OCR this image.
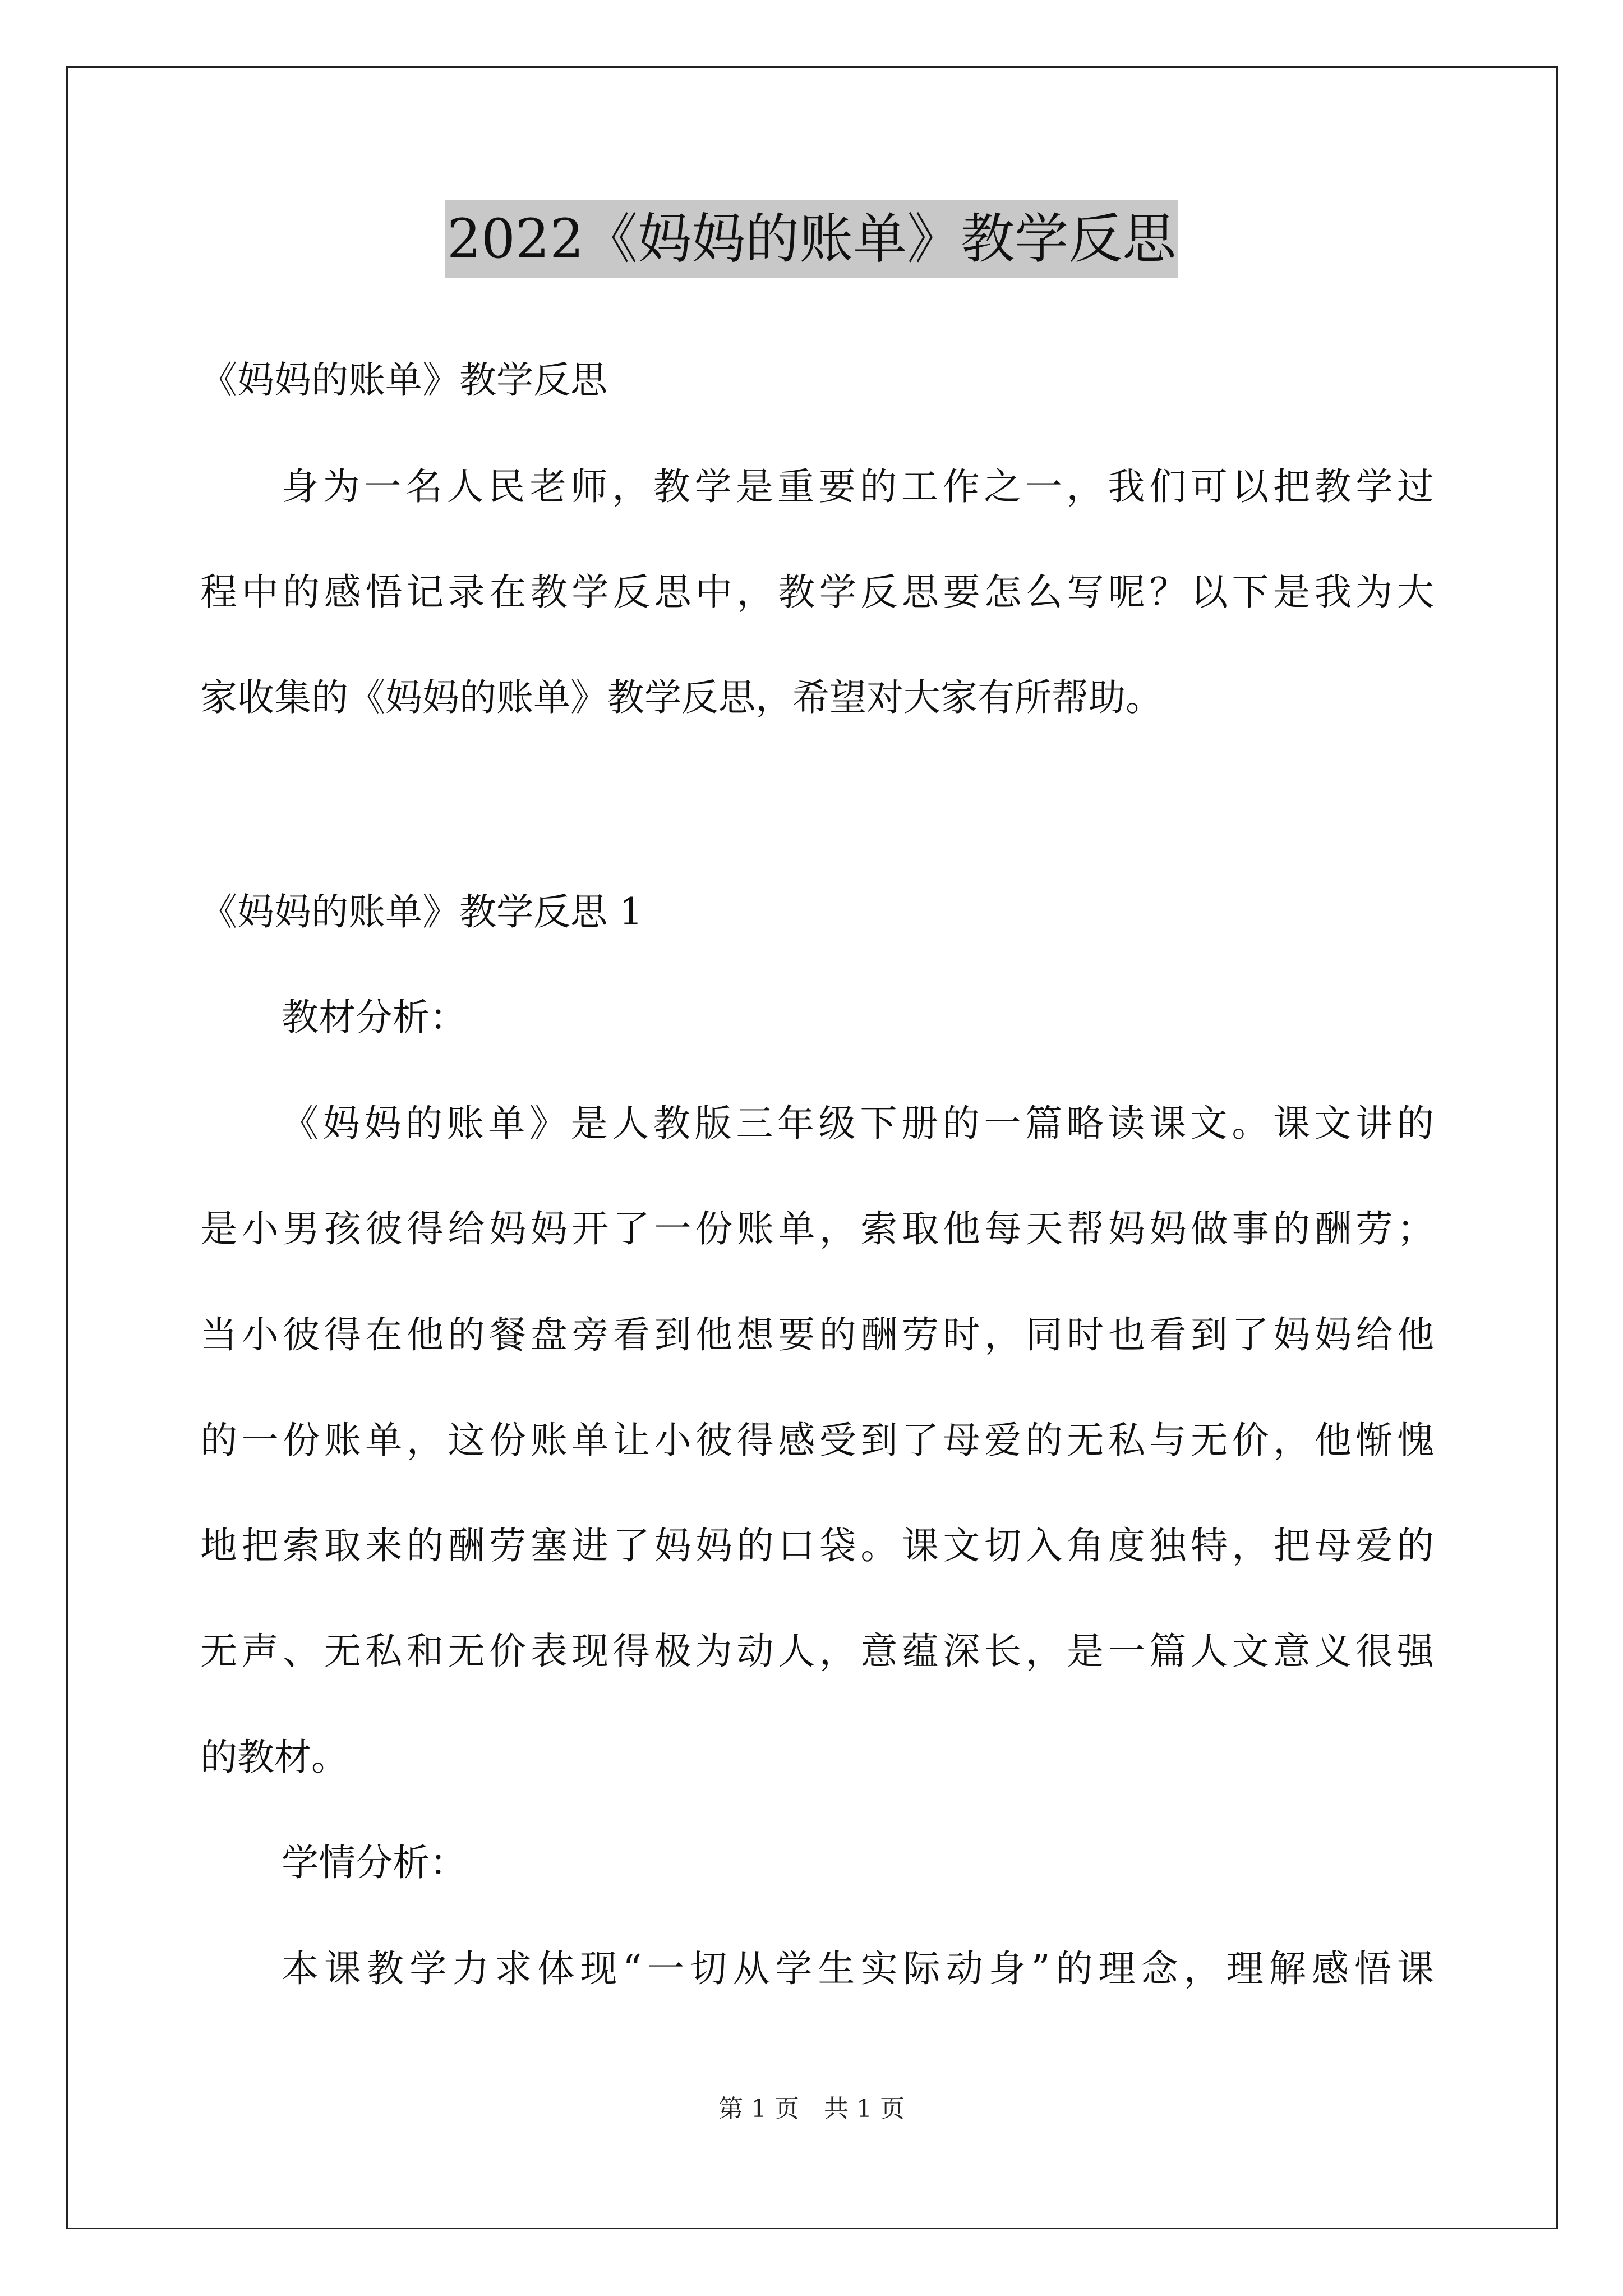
2022《妈妈的账单》教学反思
《妈妈的账单》教学反思
身为一名人民老师，教学是重要的工作之一，我们可以把教学过
程中的感悟记录在教学反思中，教学反思要怎么写呢？以下是我为大
家收集的《妈妈的账单》教学反思，希望对大家有所帮助。
《妈妈的账单》教学反思 1
教材分析：
《妈妈的账单》是人教版三年级下册的一篇略读课文。课文讲的
是小男孩彼得给妈妈开了一份账单，索取他每天帮妈妈做事的酬劳；
当小彼得在他的餐盘旁看到他想要的酬劳时，同时也看到了妈妈给他
的一份账单，这份账单让小彼得感受到了母爱的无私与无价，他惭愧
地把索取来的酬劳塞进了妈妈的口袋。课文切入角度独特，把母爱的
无声、无私和无价表现得极为动人，意蕴深长，是一篇人文意义很强
的教材。
学情分析：
本课教学力求体现“一切从学生实际动身”的理念，理解感悟课
第 1 页　共 1 页
